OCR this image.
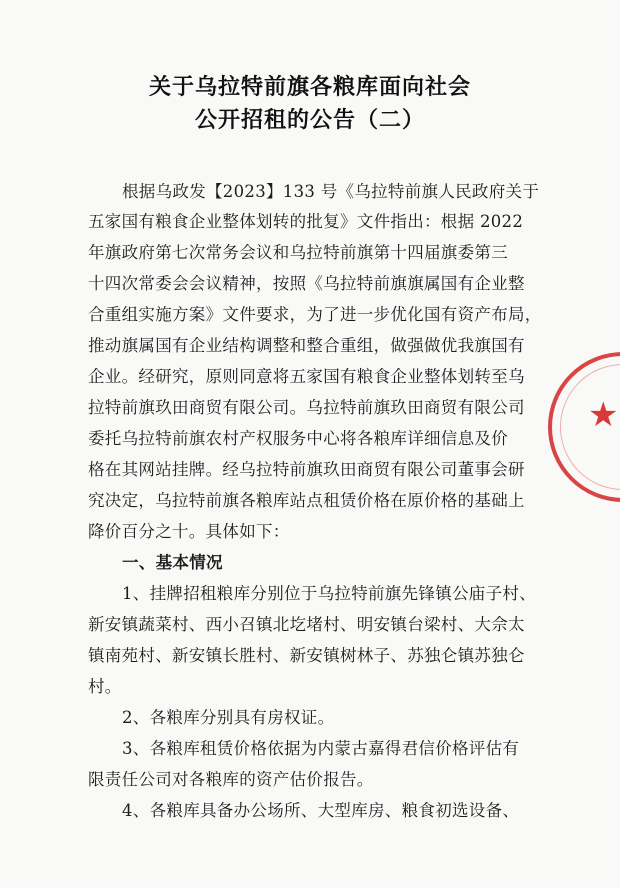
关于乌拉特前旗各粮库面向社会
公开招租的公告（二）
根据乌政发【2023】133 号《乌拉特前旗人民政府关于
五家国有粮食企业整体划转的批复》文件指出：根据 2022
年旗政府第七次常务会议和乌拉特前旗第十四届旗委第三
十四次常委会会议精神，按照《乌拉特前旗旗属国有企业整
合重组实施方案》文件要求，为了进一步优化国有资产布局，
推动旗属国有企业结构调整和整合重组，做强做优我旗国有
企业。经研究，原则同意将五家国有粮食企业整体划转至乌
拉特前旗玖田商贸有限公司。乌拉特前旗玖田商贸有限公司
委托乌拉特前旗农村产权服务中心将各粮库详细信息及价
格在其网站挂牌。经乌拉特前旗玖田商贸有限公司董事会研
究决定，乌拉特前旗各粮库站点租赁价格在原价格的基础上
降价百分之十。具体如下：
一、基本情况
1、挂牌招租粮库分别位于乌拉特前旗先锋镇公庙子村、
新安镇蔬菜村、西小召镇北圪堵村、明安镇台梁村、大佘太
镇南苑村、新安镇长胜村、新安镇树林子、苏独仑镇苏独仑
村。
2、各粮库分别具有房权证。
3、各粮库租赁价格依据为内蒙古嘉得君信价格评估有
限责任公司对各粮库的资产估价报告。
4、各粮库具备办公场所、大型库房、粮食初选设备、
★
